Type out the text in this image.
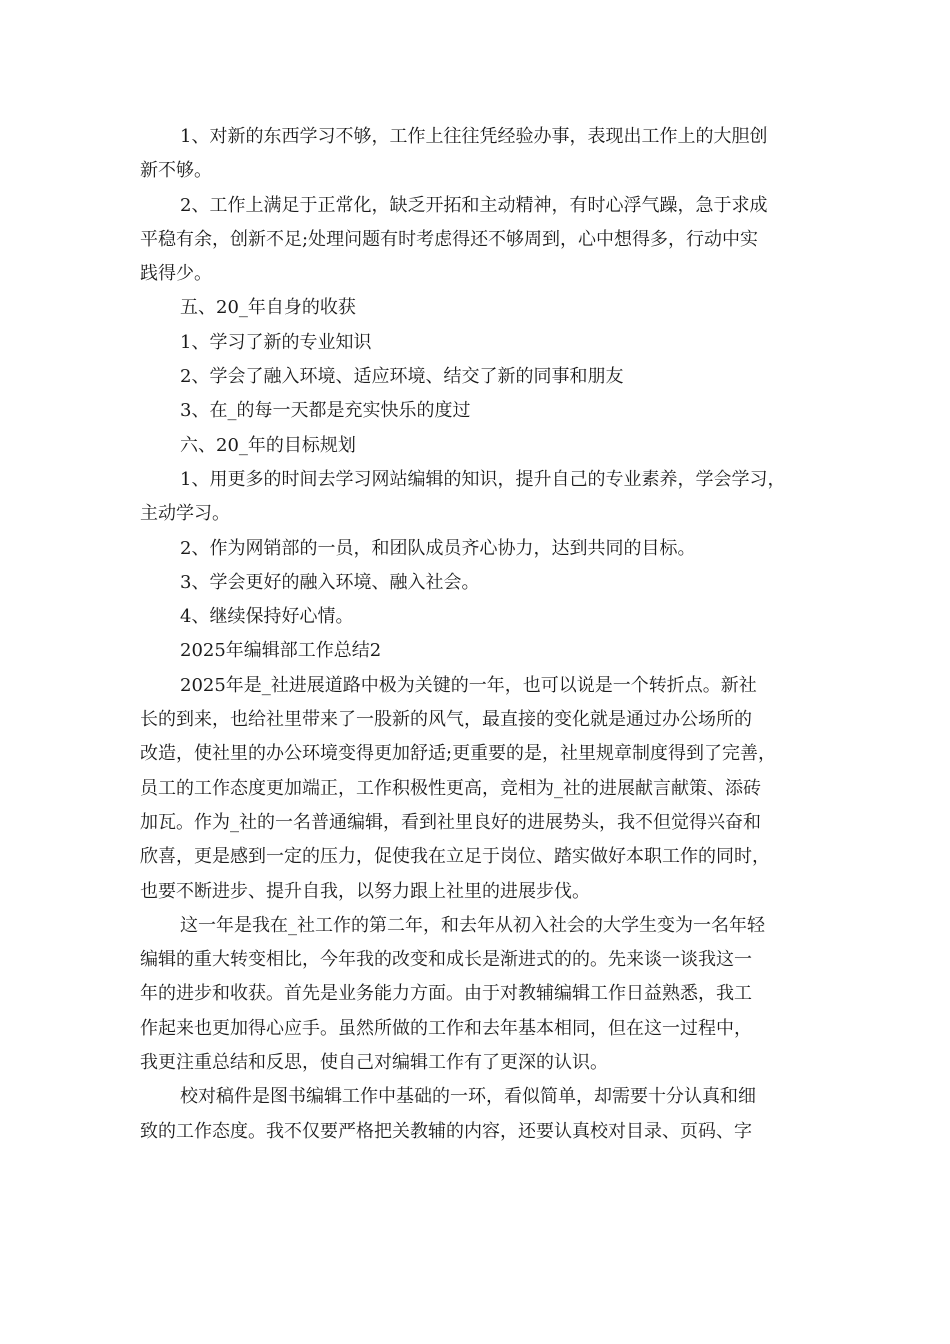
1、对新的东西学习不够，工作上往往凭经验办事，表现出工作上的大胆创
新不够。
2、工作上满足于正常化，缺乏开拓和主动精神，有时心浮气躁，急于求成
平稳有余，创新不足;处理问题有时考虑得还不够周到，心中想得多，行动中实
践得少。
五、20_年自身的收获
1、学习了新的专业知识
2、学会了融入环境、适应环境、结交了新的同事和朋友
3、在_的每一天都是充实快乐的度过
六、20_年的目标规划
1、用更多的时间去学习网站编辑的知识，提升自己的专业素养，学会学习，
主动学习。
2、作为网销部的一员，和团队成员齐心协力，达到共同的目标。
3、学会更好的融入环境、融入社会。
4、继续保持好心情。
2025年编辑部工作总结2
2025年是_社进展道路中极为关键的一年，也可以说是一个转折点。新社
长的到来，也给社里带来了一股新的风气，最直接的变化就是通过办公场所的
改造，使社里的办公环境变得更加舒适;更重要的是，社里规章制度得到了完善，
员工的工作态度更加端正，工作积极性更高，竞相为_社的进展献言献策、添砖
加瓦。作为_社的一名普通编辑，看到社里良好的进展势头，我不但觉得兴奋和
欣喜，更是感到一定的压力，促使我在立足于岗位、踏实做好本职工作的同时，
也要不断进步、提升自我，以努力跟上社里的进展步伐。
这一年是我在_社工作的第二年，和去年从初入社会的大学生变为一名年轻
编辑的重大转变相比，今年我的改变和成长是渐进式的的。先来谈一谈我这一
年的进步和收获。首先是业务能力方面。由于对教辅编辑工作日益熟悉，我工
作起来也更加得心应手。虽然所做的工作和去年基本相同，但在这一过程中，
我更注重总结和反思，使自己对编辑工作有了更深的认识。
校对稿件是图书编辑工作中基础的一环，看似简单，却需要十分认真和细
致的工作态度。我不仅要严格把关教辅的内容，还要认真校对目录、页码、字
